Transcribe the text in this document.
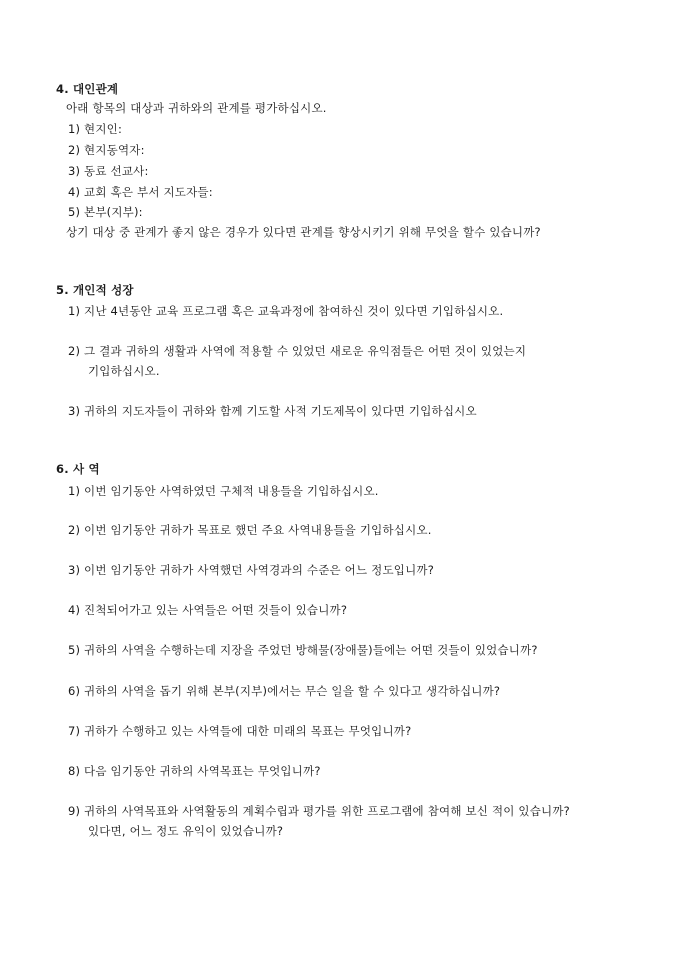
4. 대인관계
아래 항목의 대상과 귀하와의 관계를 평가하십시오.
1) 현지인:
2) 현지동역자:
3) 동료 선교사:
4) 교회 혹은 부서 지도자들:
5) 본부(지부):
상기 대상 중 관계가 좋지 않은 경우가 있다면 관계를 향상시키기 위해 무엇을 할수 있습니까?
5. 개인적 성장
1) 지난 4년동안 교육 프로그램 혹은 교육과정에 참여하신 것이 있다면 기입하십시오.
2) 그 결과 귀하의 생활과 사역에 적용할 수 있었던 새로운 유익점들은 어떤 것이 있었는지
기입하십시오.
3) 귀하의 지도자들이 귀하와 함께 기도할 사적 기도제목이 있다면 기입하십시오
6. 사 역
1) 이번 임기동안 사역하였던 구체적 내용들을 기입하십시오.
2) 이번 임기동안 귀하가 목표로 했던 주요 사역내용들을 기입하십시오.
3) 이번 임기동안 귀하가 사역했던 사역경과의 수준은 어느 정도입니까?
4) 진척되어가고 있는 사역들은 어떤 것들이 있습니까?
5) 귀하의 사역을 수행하는데 지장을 주었던 방해물(장애물)들에는 어떤 것들이 있었습니까?
6) 귀하의 사역을 돕기 위해 본부(지부)에서는 무슨 일을 할 수 있다고 생각하십니까?
7) 귀하가 수행하고 있는 사역들에 대한 미래의 목표는 무엇입니까?
8) 다음 임기동안 귀하의 사역목표는 무엇입니까?
9) 귀하의 사역목표와 사역활동의 계획수립과 평가를 위한 프로그램에 참여해 보신 적이 있습니까?
있다면, 어느 정도 유익이 있었습니까?
